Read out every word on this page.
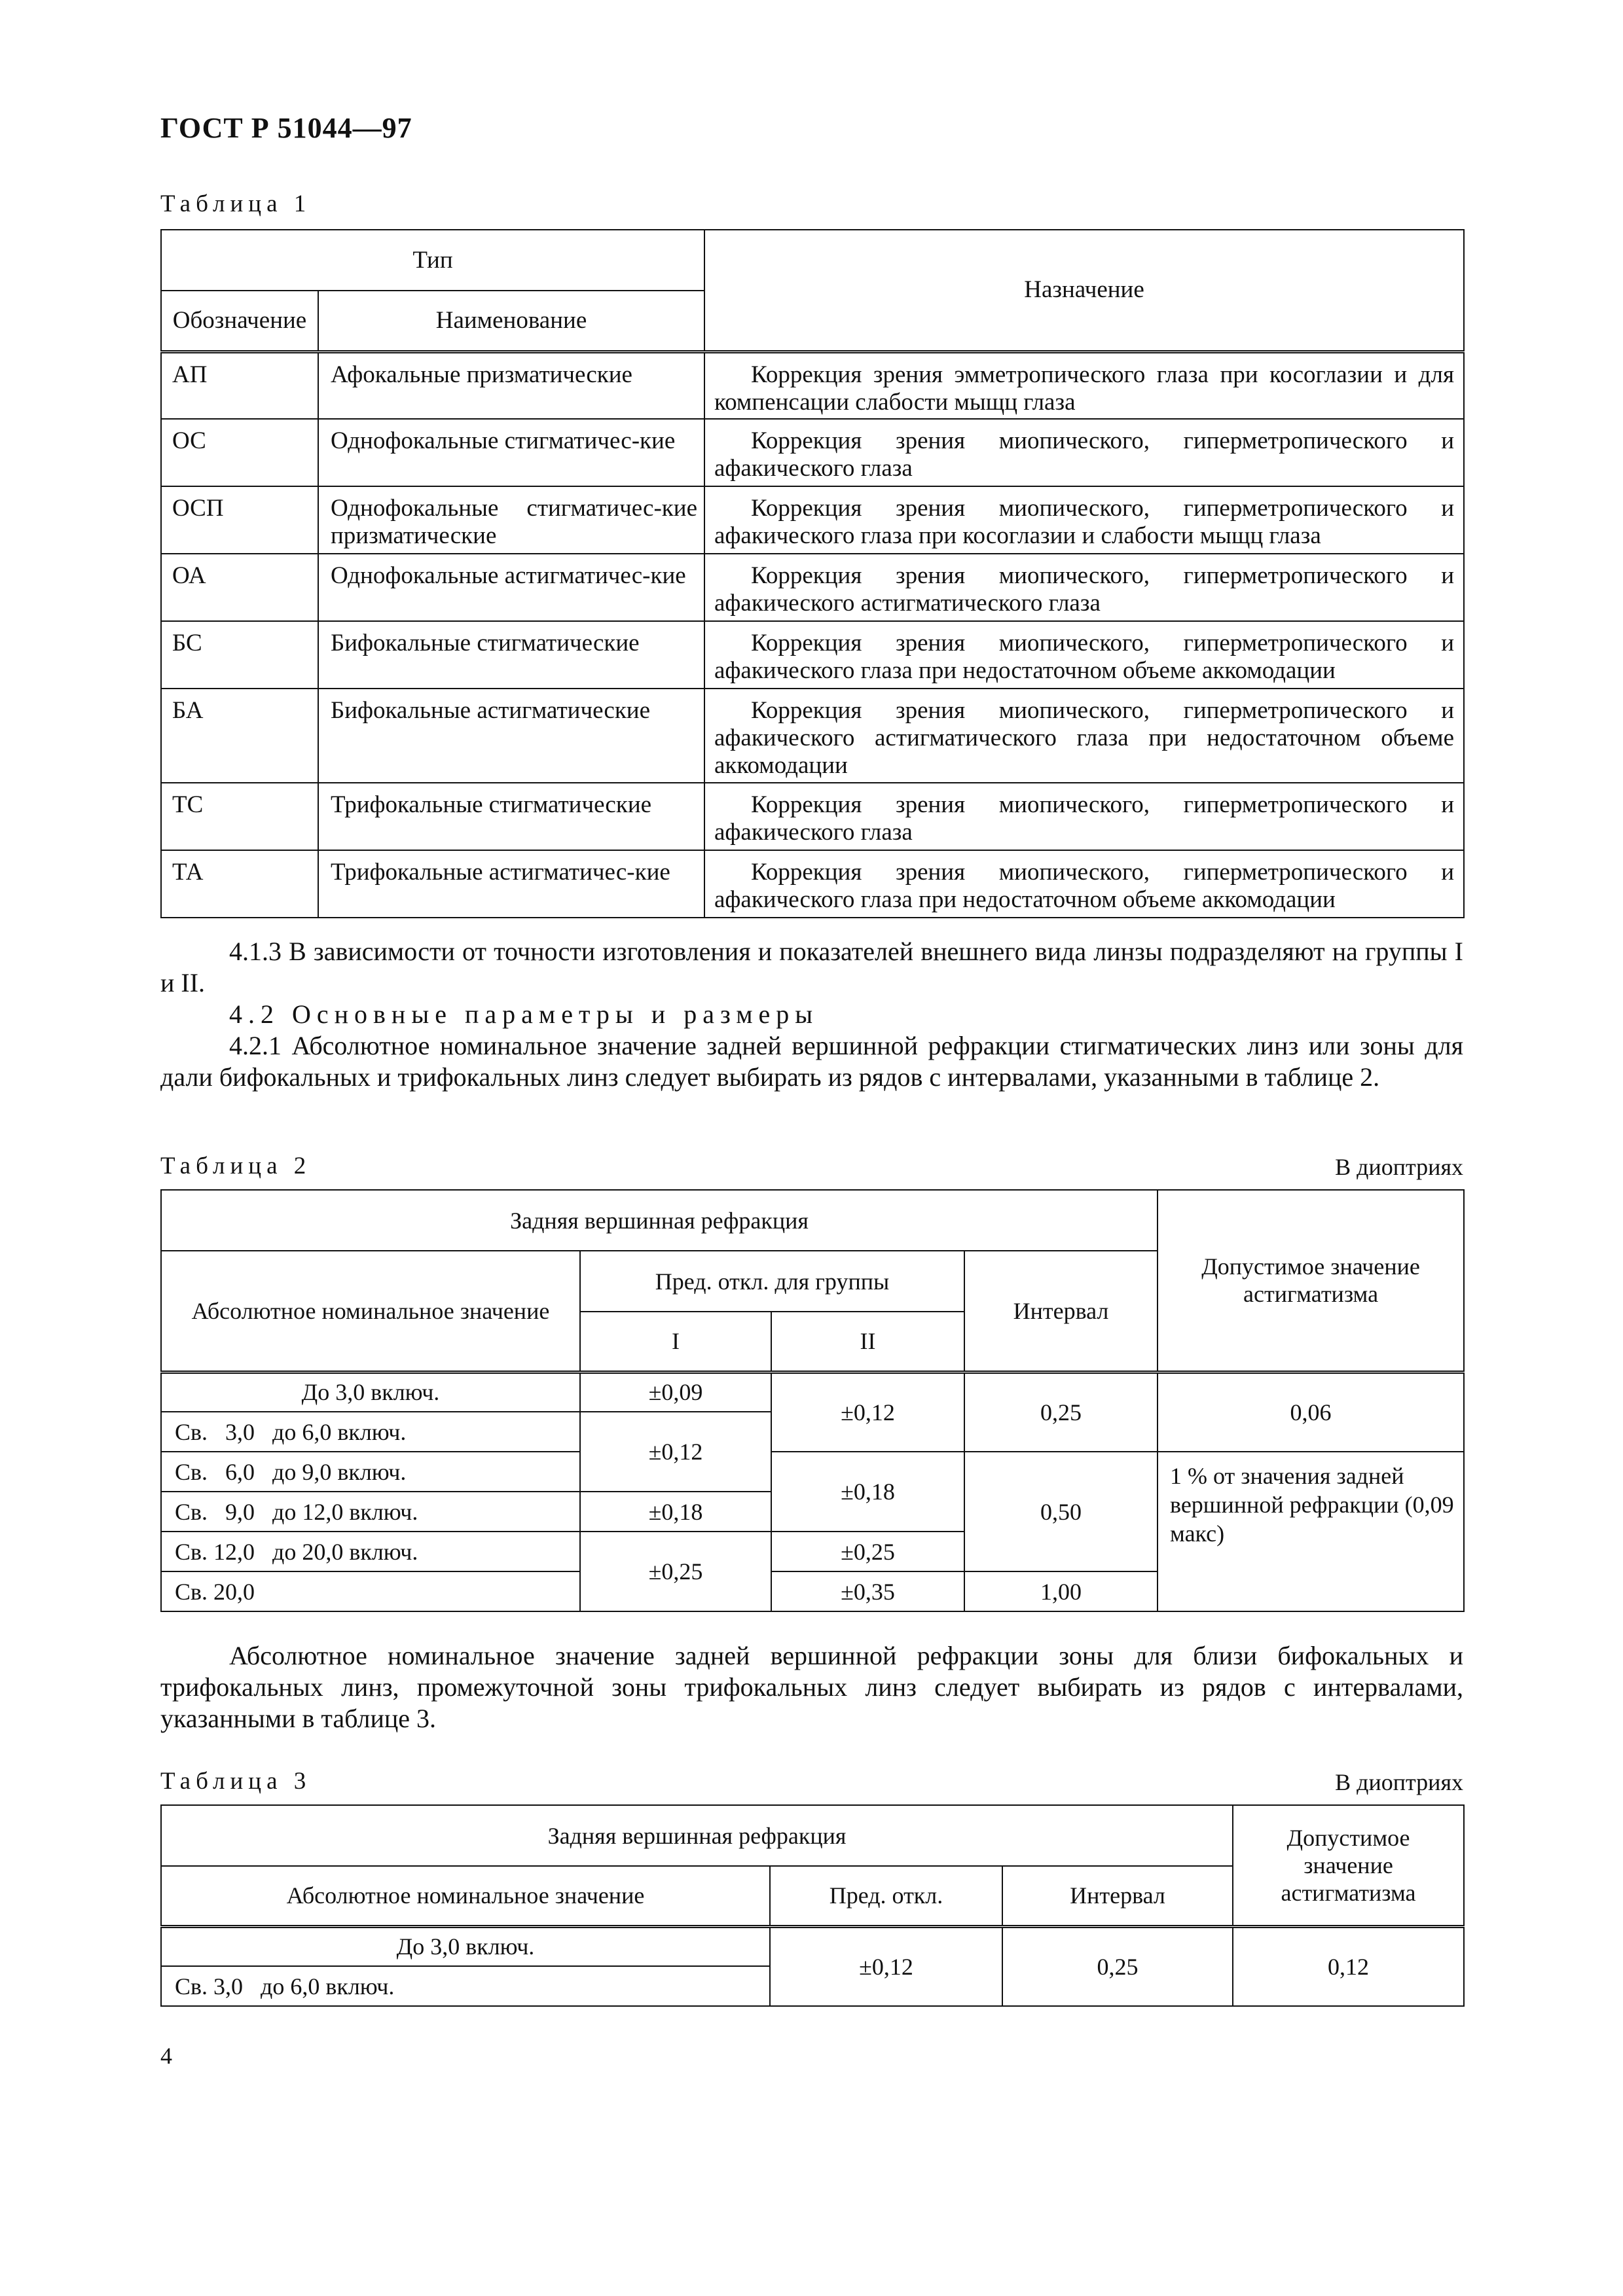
ГОСТ Р 51044—97
Таблица 1
Тип		Назначение
Обозначение	Наименование	
АП	Афокальные призматические	Коррекция зрения эмметропического глаза при косоглазии и для компенсации слабости мыщц глаза
ОС	Однофокальные стигматичес-кие	Коррекция зрения миопического, гиперметропического и афакического глаза
ОСП	Однофокальные стигматичес-кие призматические	Коррекция зрения миопического, гиперметропического и афакического глаза при косоглазии и слабости мыщц глаза
ОА	Однофокальные астигматичес-кие	Коррекция зрения миопического, гиперметропического и афакического астигматического глаза
БС	Бифокальные стигматические	Коррекция зрения миопического, гиперметропического и афакического глаза при недостаточном объеме аккомодации
БА	Бифокальные астигматические	Коррекция зрения миопического, гиперметропического и афакического астигматического глаза при недостаточном объеме аккомодации
ТС	Трифокальные стигматические	Коррекция зрения миопического, гиперметропического и афакического глаза
ТА	Трифокальные астигматичес-кие	Коррекция зрения миопического, гиперметропического и афакического глаза при недостаточном объеме аккомодации
4.1.3 В зависимости от точности изготовления и показателей внешнего вида линзы подразделяют на группы I и II.
4.2 Основные параметры и размеры
4.2.1 Абсолютное номинальное значение задней вершинной рефракции стигматических линз или зоны для дали бифокальных и трифокальных линз следует выбирать из рядов с интервалами, указанными в таблице 2.
Таблица 2	В диоптриях
Задняя вершинная рефракция				Допустимое значение астигматизма
Абсолютное номинальное значение	Пред. откл. для группы		Интервал	
	I	II		
До 3,0 включ.	±0,09	±0,12	0,25	0,06
Св. 3,0 до 6,0 включ.	±0,12			
Св. 6,0 до 9,0 включ.		±0,18	0,50	1 % от значения задней вершинной рефракции (0,09 макс)
Св. 9,0 до 12,0 включ.	±0,18			
Св. 12,0 до 20,0 включ.	±0,25	±0,25		
Св. 20,0		±0,35	1,00	
Абсолютное номинальное значение задней вершинной рефракции зоны для близи бифокальных и трифокальных линз, промежуточной зоны трифокальных линз следует выбирать из рядов с интервалами, указанными в таблице 3.
Таблица 3	В диоптриях
Задняя вершинная рефракция			Допустимое значение астигматизма
Абсолютное номинальное значение	Пред. откл.	Интервал	
До 3,0 включ.	±0,12	0,25	0,12
Св. 3,0 до 6,0 включ.			
4
